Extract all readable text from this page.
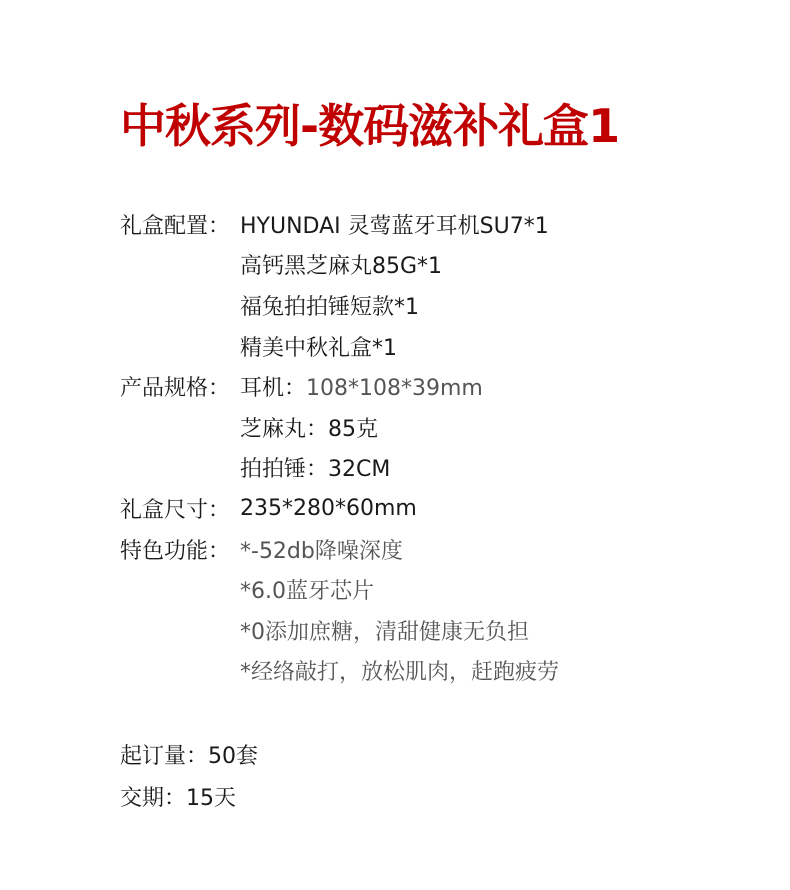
中秋系列-数码滋补礼盒1
礼盒配置： HYUNDAI 灵莺蓝牙耳机SU7*1
高钙黑芝麻丸85G*1
福兔拍拍锤短款*1
精美中秋礼盒*1
产品规格： 耳机：108*108*39mm
芝麻丸：85克
拍拍锤：32CM
礼盒尺寸： 235*280*60mm
特色功能： *-52db降噪深度
*6.0蓝牙芯片
*0添加庶糖，清甜健康无负担
*经络敲打，放松肌肉，赶跑疲劳
起订量： 50套
交期： 15天
